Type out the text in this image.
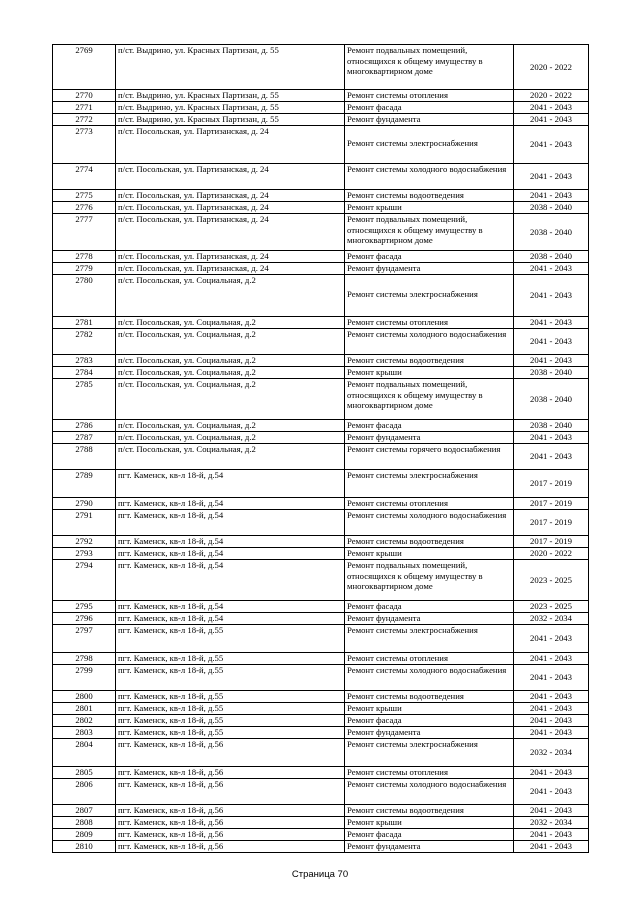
2769	п/ст. Выдрино, ул. Красных Партизан, д. 55	Ремонт подвальных помещений, относящихся к общему имуществу в многоквартирном доме	2020 - 2022
2770	п/ст. Выдрино, ул. Красных Партизан, д. 55	Ремонт системы отопления	2020 - 2022
2771	п/ст. Выдрино, ул. Красных Партизан, д. 55	Ремонт фасада	2041 - 2043
2772	п/ст. Выдрино, ул. Красных Партизан, д. 55	Ремонт фундамента	2041 - 2043
2773	п/ст. Посольская, ул. Партизанская, д. 24	Ремонт системы электроснабжения	2041 - 2043
2774	п/ст. Посольская, ул. Партизанская, д. 24	Ремонт системы холодного водоснабжения	2041 - 2043
2775	п/ст. Посольская, ул. Партизанская, д. 24	Ремонт системы водоотведения	2041 - 2043
2776	п/ст. Посольская, ул. Партизанская, д. 24	Ремонт крыши	2038 - 2040
2777	п/ст. Посольская, ул. Партизанская, д. 24	Ремонт подвальных помещений, относящихся к общему имуществу в многоквартирном доме	2038 - 2040
2778	п/ст. Посольская, ул. Партизанская, д. 24	Ремонт фасада	2038 - 2040
2779	п/ст. Посольская, ул. Партизанская, д. 24	Ремонт фундамента	2041 - 2043
2780	п/ст. Посольская, ул. Социальная, д.2	Ремонт системы электроснабжения	2041 - 2043
2781	п/ст. Посольская, ул. Социальная, д.2	Ремонт системы отопления	2041 - 2043
2782	п/ст. Посольская, ул. Социальная, д.2	Ремонт системы холодного водоснабжения	2041 - 2043
2783	п/ст. Посольская, ул. Социальная, д.2	Ремонт системы водоотведения	2041 - 2043
2784	п/ст. Посольская, ул. Социальная, д.2	Ремонт крыши	2038 - 2040
2785	п/ст. Посольская, ул. Социальная, д.2	Ремонт подвальных помещений, относящихся к общему имуществу в многоквартирном доме	2038 - 2040
2786	п/ст. Посольская, ул. Социальная, д.2	Ремонт фасада	2038 - 2040
2787	п/ст. Посольская, ул. Социальная, д.2	Ремонт фундамента	2041 - 2043
2788	п/ст. Посольская, ул. Социальная, д.2	Ремонт системы горячего водоснабжения	2041 - 2043
2789	пгт. Каменск, кв-л 18-й, д.54	Ремонт системы электроснабжения	2017 - 2019
2790	пгт. Каменск, кв-л 18-й, д.54	Ремонт системы отопления	2017 - 2019
2791	пгт. Каменск, кв-л 18-й, д.54	Ремонт системы холодного водоснабжения	2017 - 2019
2792	пгт. Каменск, кв-л 18-й, д.54	Ремонт системы водоотведения	2017 - 2019
2793	пгт. Каменск, кв-л 18-й, д.54	Ремонт крыши	2020 - 2022
2794	пгт. Каменск, кв-л 18-й, д.54	Ремонт подвальных помещений, относящихся к общему имуществу в многоквартирном доме	2023 - 2025
2795	пгт. Каменск, кв-л 18-й, д.54	Ремонт фасада	2023 - 2025
2796	пгт. Каменск, кв-л 18-й, д.54	Ремонт фундамента	2032 - 2034
2797	пгт. Каменск, кв-л 18-й, д.55	Ремонт системы электроснабжения	2041 - 2043
2798	пгт. Каменск, кв-л 18-й, д.55	Ремонт системы отопления	2041 - 2043
2799	пгт. Каменск, кв-л 18-й, д.55	Ремонт системы холодного водоснабжения	2041 - 2043
2800	пгт. Каменск, кв-л 18-й, д.55	Ремонт системы водоотведения	2041 - 2043
2801	пгт. Каменск, кв-л 18-й, д.55	Ремонт крыши	2041 - 2043
2802	пгт. Каменск, кв-л 18-й, д.55	Ремонт фасада	2041 - 2043
2803	пгт. Каменск, кв-л 18-й, д.55	Ремонт фундамента	2041 - 2043
2804	пгт. Каменск, кв-л 18-й, д.56	Ремонт системы электроснабжения	2032 - 2034
2805	пгт. Каменск, кв-л 18-й, д.56	Ремонт системы отопления	2041 - 2043
2806	пгт. Каменск, кв-л 18-й, д.56	Ремонт системы холодного водоснабжения	2041 - 2043
2807	пгт. Каменск, кв-л 18-й, д.56	Ремонт системы водоотведения	2041 - 2043
2808	пгт. Каменск, кв-л 18-й, д.56	Ремонт крыши	2032 - 2034
2809	пгт. Каменск, кв-л 18-й, д.56	Ремонт фасада	2041 - 2043
2810	пгт. Каменск, кв-л 18-й, д.56	Ремонт фундамента	2041 - 2043
Страница 70
